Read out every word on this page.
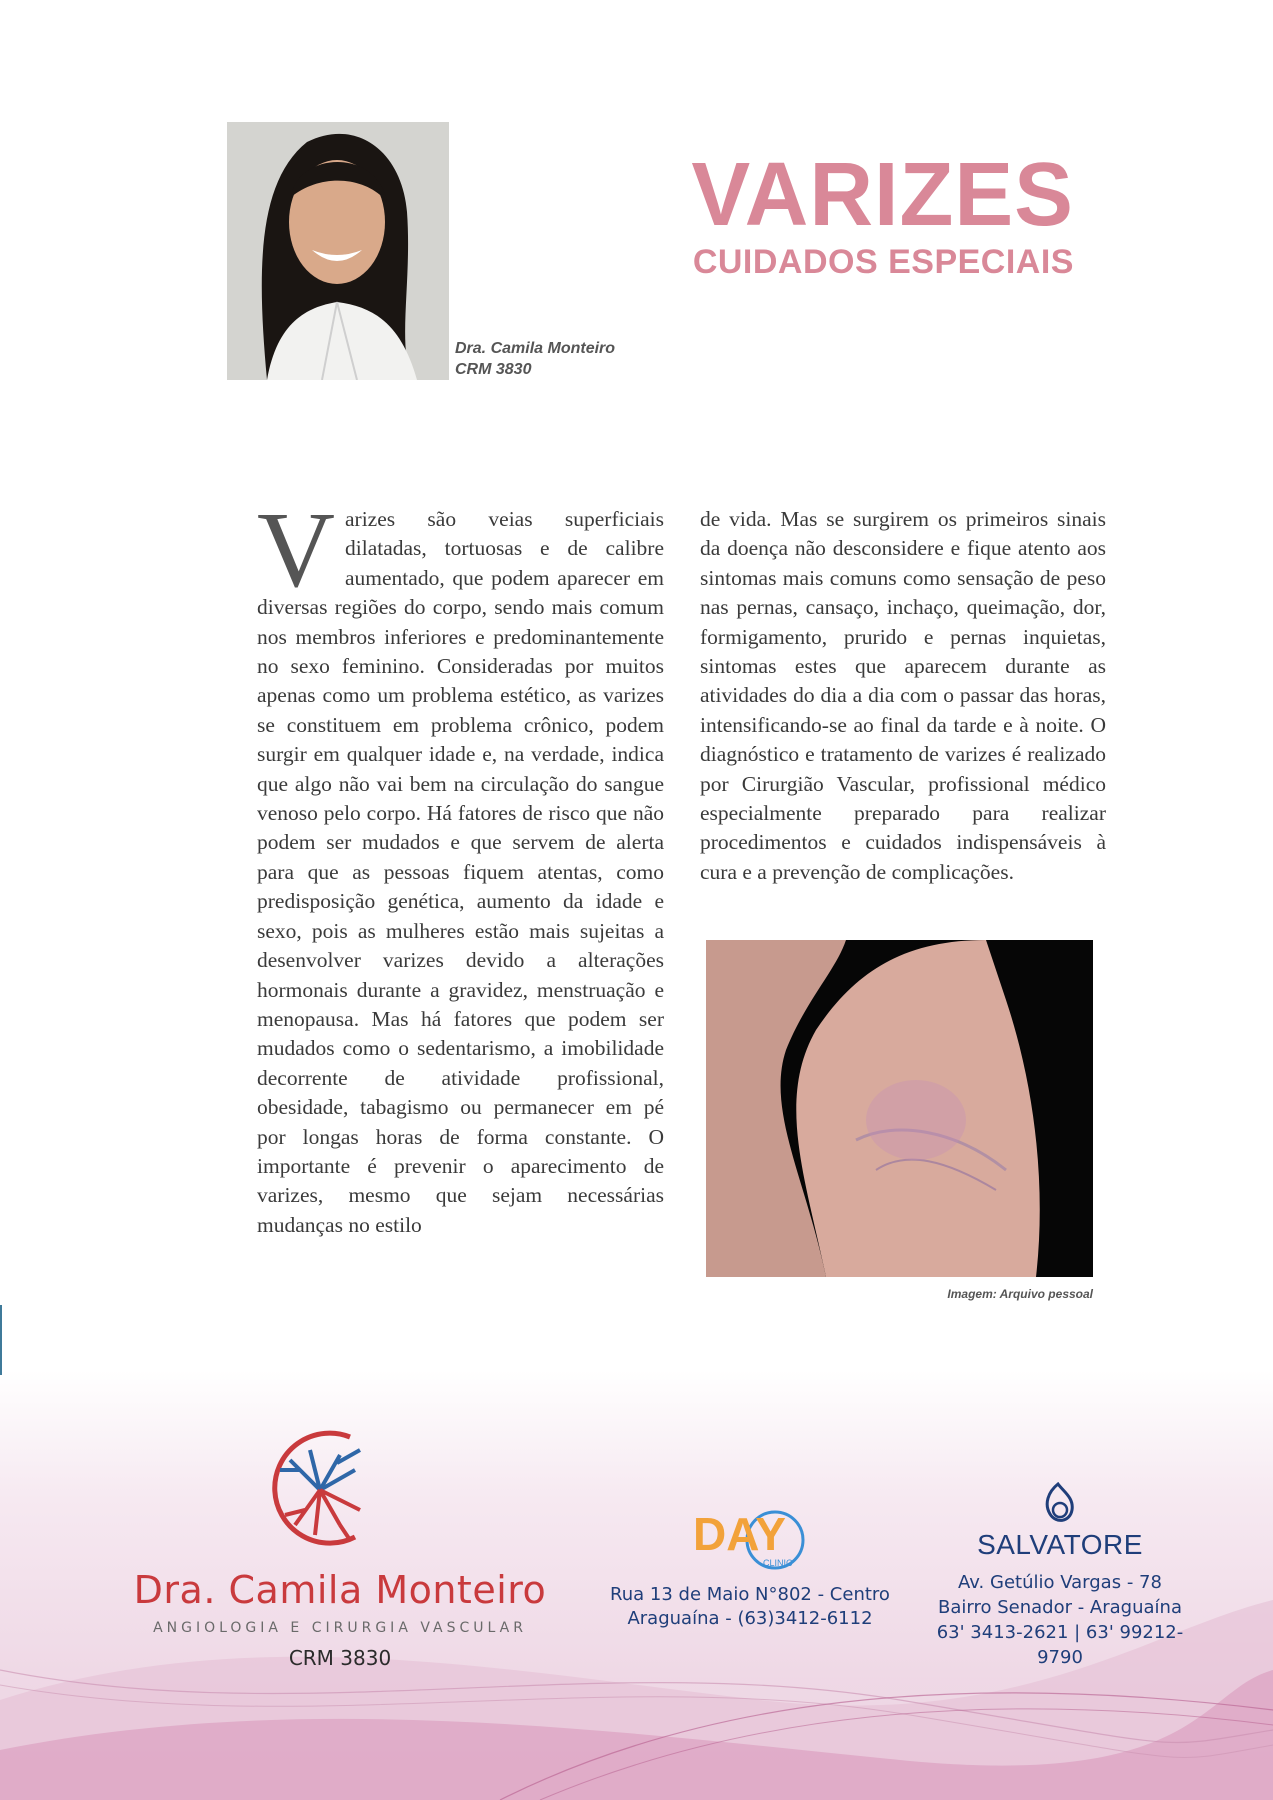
Dra. Camila Monteiro
CRM 3830
VARIZES
CUIDADOS ESPECIAIS
Varizes são veias superficiais dilatadas, tortuosas e de calibre aumentado, que podem aparecer em diversas regiões do corpo, sendo mais comum nos membros inferiores e predominantemente no sexo feminino. Consideradas por muitos apenas como um problema estético, as varizes se constituem em problema crônico, podem surgir em qualquer idade e, na verdade, indica que algo não vai bem na circulação do sangue venoso pelo corpo. Há fatores de risco que não podem ser mudados e que servem de alerta para que as pessoas fiquem atentas, como predisposição genética, aumento da idade e sexo, pois as mulheres estão mais sujeitas a desenvolver varizes devido a alterações hormonais durante a gravidez, menstruação e menopausa. Mas há fatores que podem ser mudados como o sedentarismo, a imobilidade decorrente de atividade profissional, obesidade, tabagismo ou permanecer em pé por longas horas de forma constante. O importante é prevenir o aparecimento de varizes, mesmo que sejam necessárias mudanças no estilo
de vida. Mas se surgirem os primeiros sinais da doença não desconsidere e fique atento aos sintomas mais comuns como sensação de peso nas pernas, cansaço, inchaço, queimação, dor, formigamento, prurido e pernas inquietas, sintomas estes que aparecem durante as atividades do dia a dia com o passar das horas, intensificando-se ao final da tarde e à noite. O diagnóstico e tratamento de varizes é realizado por Cirurgião Vascular, profissional médico especialmente preparado para realizar procedimentos e cuidados indispensáveis à cura e a prevenção de complicações.
Imagem: Arquivo pessoal
Dra. Camila Monteiro
ANGIOLOGIA E CIRURGIA VASCULAR
CRM 3830
DAY
CLINIC
Rua 13 de Maio N°802 - Centro
Araguaína - (63)3412-6112
SALVATORE
Av. Getúlio Vargas - 78
Bairro Senador - Araguaína
63' 3413-2621 | 63' 99212-9790
